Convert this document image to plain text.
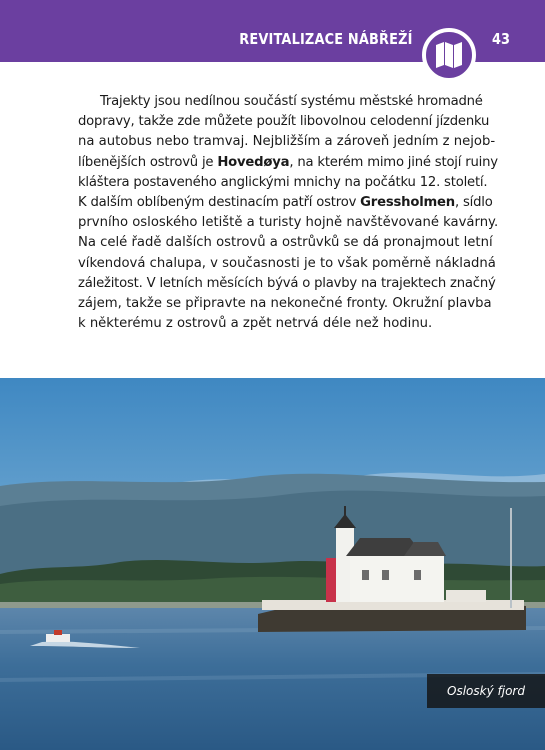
REVITALIZACE NÁBŘEŽÍ	43
Trajekty jsou nedílnou součástí systému městské hromadné
dopravy, takže zde můžete použít libovolnou celodenní jízdenku
na autobus nebo tramvaj. Nejbližším a zároveň jedním z nejob-
líbenějších ostrovů je Hovedøya, na kterém mimo jiné stojí ruiny
kláštera postaveného anglickými mnichy na počátku 12. století.
K dalším oblíbeným destinacím patří ostrov Gressholmen, sídlo
prvního osloského letiště a turisty hojně navštěvované kavárny.
Na celé řadě dalších ostrovů a ostrůvků se dá pronajmout letní
víkendová chalupa, v současnosti je to však poměrně nákladná
záležitost. V letních měsících bývá o plavby na trajektech značný
zájem, takže se připravte na nekonečné fronty. Okružní plavba
k některému z ostrovů a zpět netrvá déle než hodinu.
Osloský fjord
